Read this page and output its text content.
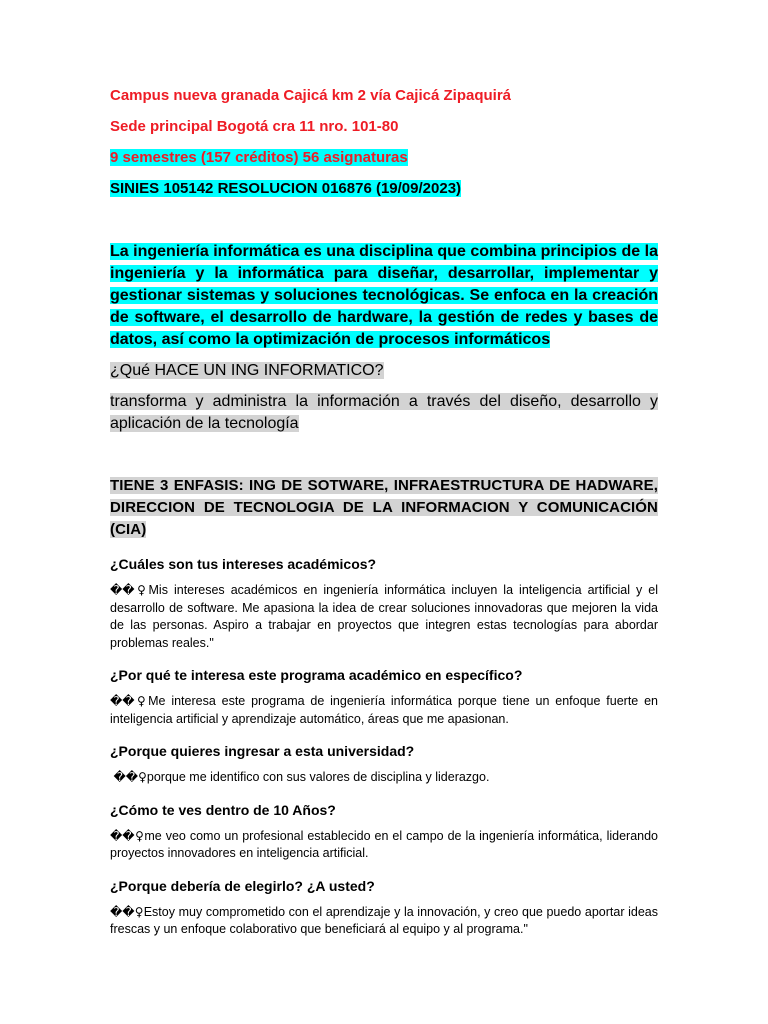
Campus nueva granada Cajicá km 2 vía Cajicá Zipaquirá

Sede principal Bogotá cra 11 nro. 101-80

9 semestres (157 créditos) 56 asignaturas

SINIES 105142 RESOLUCION 016876 (19/09/2023)

La ingeniería informática es una disciplina que combina principios de la ingeniería y la informática para diseñar, desarrollar, implementar y gestionar sistemas y soluciones tecnológicas. Se enfoca en la creación de software, el desarrollo de hardware, la gestión de redes y bases de datos, así como la optimización de procesos informáticos

¿Qué HACE UN ING INFORMATICO?

transforma y administra la información a través del diseño, desarrollo y aplicación de la tecnología

TIENE 3 ENFASIS: ING DE SOTWARE, INFRAESTRUCTURA DE HADWARE, DIRECCION DE TECNOLOGIA DE LA INFORMACION Y COMUNICACIÓN (CIA)

¿Cuáles son tus intereses académicos?

��♀Mis intereses académicos en ingeniería informática incluyen la inteligencia artificial y el desarrollo de software. Me apasiona la idea de crear soluciones innovadoras que mejoren la vida de las personas. Aspiro a trabajar en proyectos que integren estas tecnologías para abordar problemas reales."

¿Por qué te interesa este programa académico en específico?

��♀Me interesa este programa de ingeniería informática porque tiene un enfoque fuerte en inteligencia artificial y aprendizaje automático, áreas que me apasionan.

¿Porque quieres ingresar a esta universidad?

��♀porque me identifico con sus valores de disciplina y liderazgo.

¿Cómo te ves dentro de 10 Años?

��♀me veo como un profesional establecido en el campo de la ingeniería informática, liderando proyectos innovadores en inteligencia artificial.

¿Porque debería de elegirlo? ¿A usted?

��♀Estoy muy comprometido con el aprendizaje y la innovación, y creo que puedo aportar ideas frescas y un enfoque colaborativo que beneficiará al equipo y al programa."
